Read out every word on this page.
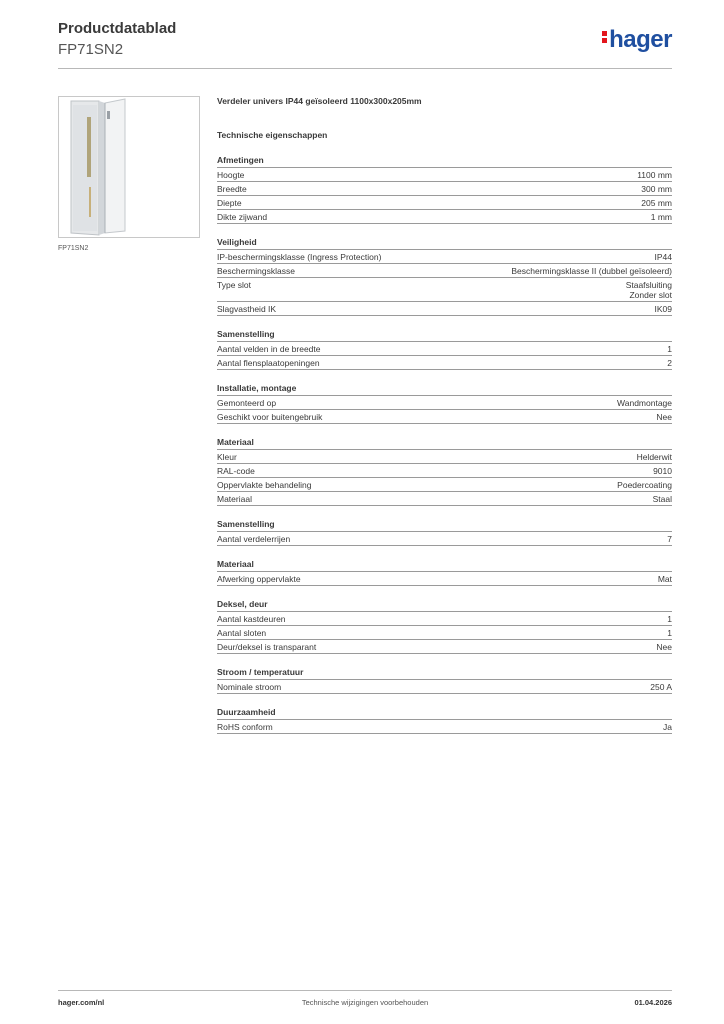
Productdatablad
FP71SN2	hager
FP71SN2
Verdeler univers IP44 geïsoleerd 1100x300x205mm
Technische eigenschappen
Afmetingen
Hoogte	1100 mm
Breedte	300 mm
Diepte	205 mm
Dikte zijwand	1 mm
Veiligheid
IP-beschermingsklasse (Ingress Protection)	IP44
Beschermingsklasse	Beschermingsklasse II (dubbel geïsoleerd)
Type slot	Staafsluiting
Zonder slot
Slagvastheid IK	IK09
Samenstelling
Aantal velden in de breedte	1
Aantal flensplaatopeningen	2
Installatie, montage
Gemonteerd op	Wandmontage
Geschikt voor buitengebruik	Nee
Materiaal
Kleur	Helderwit
RAL-code	9010
Oppervlakte behandeling	Poedercoating
Materiaal	Staal
Samenstelling
Aantal verdelerrijen	7
Materiaal
Afwerking oppervlakte	Mat
Deksel, deur
Aantal kastdeuren	1
Aantal sloten	1
Deur/deksel is transparant	Nee
Stroom / temperatuur
Nominale stroom	250 A
Duurzaamheid
RoHS conform	Ja
hager.com/nl	Technische wijzigingen voorbehouden	01.04.2026
